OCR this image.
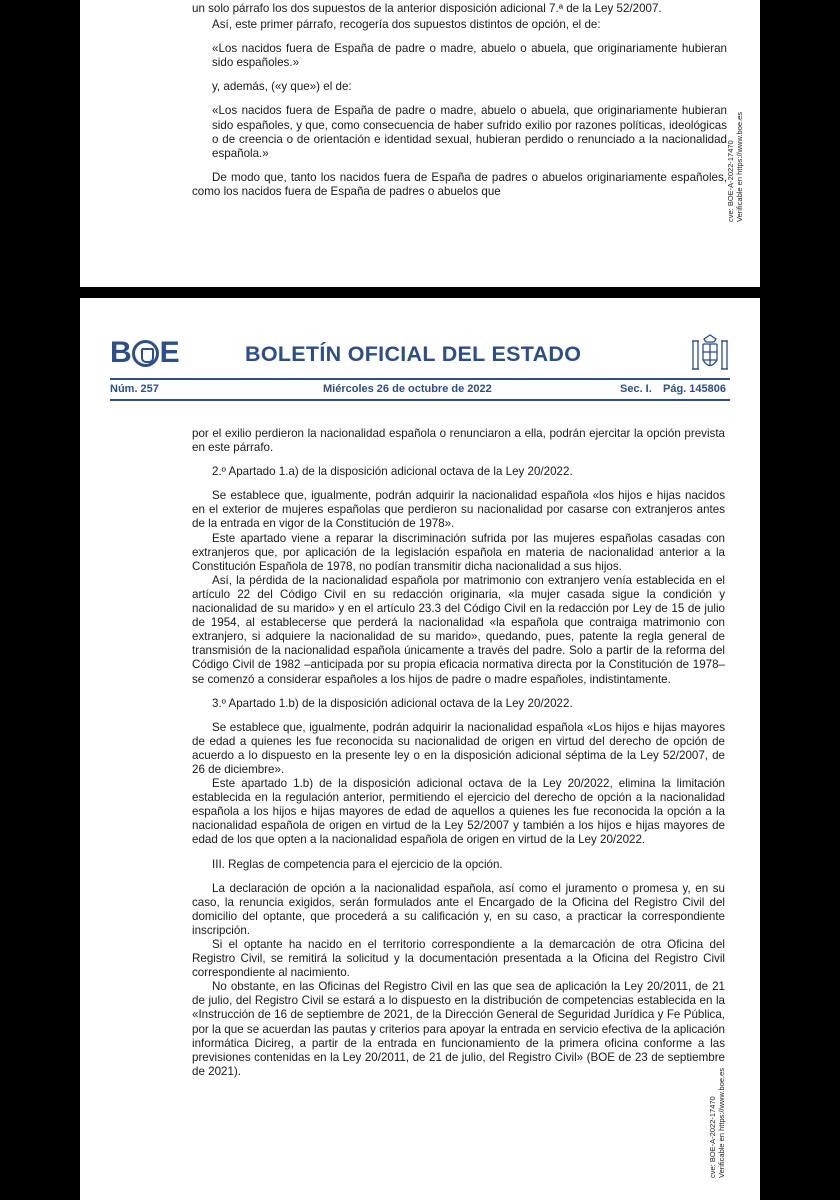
un solo párrafo los dos supuestos de la anterior disposición adicional 7.ª de la Ley 52/2007.

Así, este primer párrafo, recogería dos supuestos distintos de opción, el de:

«Los nacidos fuera de España de padre o madre, abuelo o abuela, que originariamente hubieran sido españoles.»

y, además, («y que») el de:

«Los nacidos fuera de España de padre o madre, abuelo o abuela, que originariamente hubieran sido españoles, y que, como consecuencia de haber sufrido exilio por razones políticas, ideológicas o de creencia o de orientación e identidad sexual, hubieran perdido o renunciado a la nacionalidad española.»

De modo que, tanto los nacidos fuera de España de padres o abuelos originariamente españoles, como los nacidos fuera de España de padres o abuelos que	cve: BOE-A-2022-17470 Verificable en https://www.boe.es
B E	BOLETÍN OFICIAL DEL ESTADO
Núm. 257	Miércoles 26 de octubre de 2022	Sec. I. Pág. 145806

por el exilio perdieron la nacionalidad española o renunciaron a ella, podrán ejercitar la opción prevista en este párrafo.

2.º Apartado 1.a) de la disposición adicional octava de la Ley 20/2022.

Se establece que, igualmente, podrán adquirir la nacionalidad española «los hijos e hijas nacidos en el exterior de mujeres españolas que perdieron su nacionalidad por casarse con extranjeros antes de la entrada en vigor de la Constitución de 1978».

Este apartado viene a reparar la discriminación sufrida por las mujeres españolas casadas con extranjeros que, por aplicación de la legislación española en materia de nacionalidad anterior a la Constitución Española de 1978, no podían transmitir dicha nacionalidad a sus hijos.

Así, la pérdida de la nacionalidad española por matrimonio con extranjero venía establecida en el artículo 22 del Código Civil en su redacción originaria, «la mujer casada sigue la condición y nacionalidad de su marido» y en el artículo 23.3 del Código Civil en la redacción por Ley de 15 de julio de 1954, al establecerse que perderá la nacionalidad «la española que contraiga matrimonio con extranjero, si adquiere la nacionalidad de su marido», quedando, pues, patente la regla general de transmisión de la nacionalidad española únicamente a través del padre. Solo a partir de la reforma del Código Civil de 1982 –anticipada por su propia eficacia normativa directa por la Constitución de 1978– se comenzó a considerar españoles a los hijos de padre o madre españoles, indistintamente.

3.º Apartado 1.b) de la disposición adicional octava de la Ley 20/2022.

Se establece que, igualmente, podrán adquirir la nacionalidad española «Los hijos e hijas mayores de edad a quienes les fue reconocida su nacionalidad de origen en virtud del derecho de opción de acuerdo a lo dispuesto en la presente ley o en la disposición adicional séptima de la Ley 52/2007, de 26 de diciembre».

Este apartado 1.b) de la disposición adicional octava de la Ley 20/2022, elimina la limitación establecida en la regulación anterior, permitiendo el ejercicio del derecho de opción a la nacionalidad española a los hijos e hijas mayores de edad de aquellos a quienes les fue reconocida la opción a la nacionalidad española de origen en virtud de la Ley 52/2007 y también a los hijos e hijas mayores de edad de los que opten a la nacionalidad española de origen en virtud de la Ley 20/2022.

III. Reglas de competencia para el ejercicio de la opción.

La declaración de opción a la nacionalidad española, así como el juramento o promesa y, en su caso, la renuncia exigidos, serán formulados ante el Encargado de la Oficina del Registro Civil del domicilio del optante, que procederá a su calificación y, en su caso, a practicar la correspondiente inscripción.

Si el optante ha nacido en el territorio correspondiente a la demarcación de otra Oficina del Registro Civil, se remitirá la solicitud y la documentación presentada a la Oficina del Registro Civil correspondiente al nacimiento.

No obstante, en las Oficinas del Registro Civil en las que sea de aplicación la Ley 20/2011, de 21 de julio, del Registro Civil se estará a lo dispuesto en la distribución de competencias establecida en la «Instrucción de 16 de septiembre de 2021, de la Dirección General de Seguridad Jurídica y Fe Pública, por la que se acuerdan las pautas y criterios para apoyar la entrada en servicio efectiva de la aplicación informática Dicireg, a partir de la entrada en funcionamiento de la primera oficina conforme a las previsiones contenidas en la Ley 20/2011, de 21 de julio, del Registro Civil» (BOE de 23 de septiembre de 2021).

cve: BOE-A-2022-17470 Verificable en https://www.boe.es
